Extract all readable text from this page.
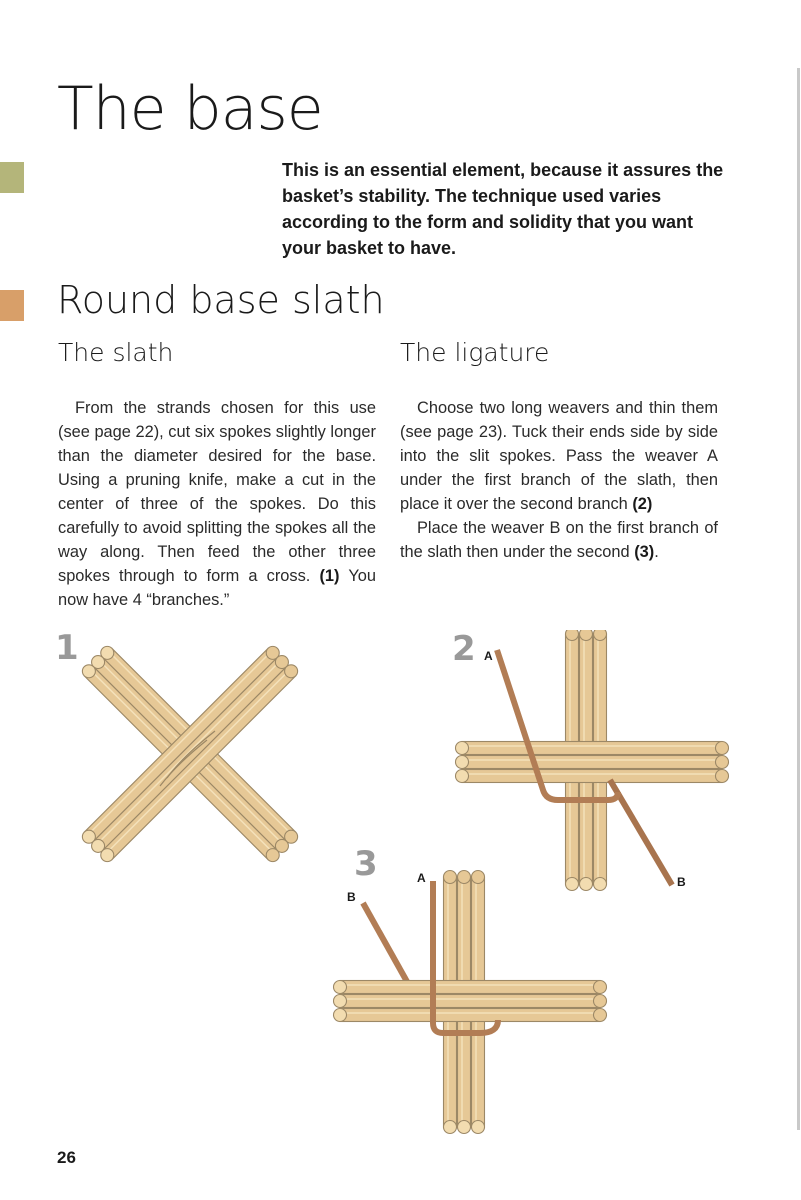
The base

This is an essential element, because it assures the basket’s stability. The technique used varies according to the form and solidity that you want your basket to have.

Round base slath
The slath	The ligature

From the strands chosen for this use (see page 22), cut six spokes slightly longer than the diameter desired for the base. Using a pruning knife, make a cut in the center of three of the spokes. Do this carefully to avoid splitting the spokes all the way along. Then feed the other three spokes through to form a cross. (1) You now have 4 “branches.”

Choose two long weavers and thin them (see page 23). Tuck their ends side by side into the slit spokes. Pass the weaver A under the first branch of the slath, then place it over the second branch (2)

Place the weaver B on the first branch of the slath then under the second (3).

1	2 A
B
3	A
B
26
